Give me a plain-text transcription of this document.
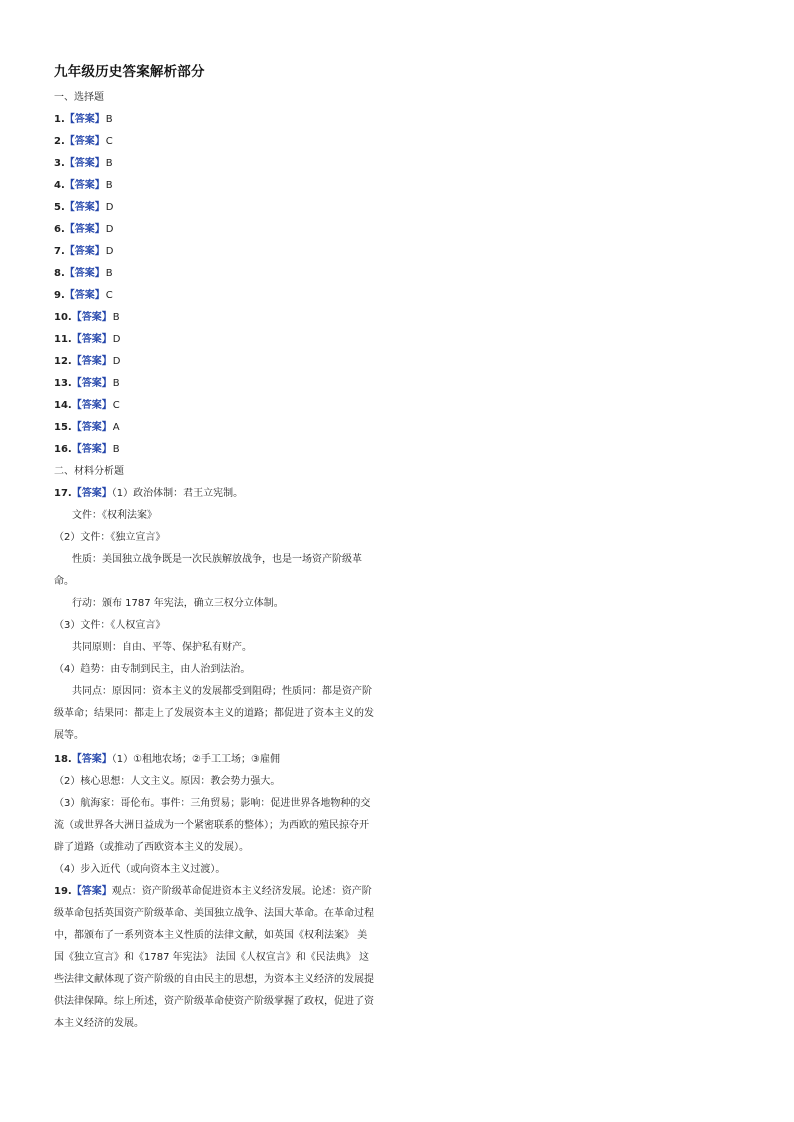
九年级历史答案解析部分
一、选择题
1.【答案】B
2.【答案】C
3.【答案】B
4.【答案】B
5.【答案】D
6.【答案】D
7.【答案】D
8.【答案】B
9.【答案】C
10.【答案】B
11.【答案】D
12.【答案】D
13.【答案】B
14.【答案】C
15.【答案】A
16.【答案】B
二、材料分析题
17.【答案】（1）政治体制：君王立宪制。
文件：《权利法案》
（2）文件：《独立宣言》
性质：美国独立战争既是一次民族解放战争，也是一场资产阶级革
命。
行动：颁布 1787 年宪法，确立三权分立体制。
（3）文件：《人权宣言》
共同原则：自由、平等、保护私有财产。
（4）趋势：由专制到民主，由人治到法治。
共同点：原因同：资本主义的发展都受到阻碍；性质同：都是资产阶
级革命；结果同：都走上了发展资本主义的道路；都促进了资本主义的发
展等。
18.【答案】（1）①租地农场；②手工工场；③雇佣
（2）核心思想：人文主义。原因：教会势力强大。
（3）航海家：哥伦布。事件：三角贸易；影响：促进世界各地物种的交
流（或世界各大洲日益成为一个紧密联系的整体）；为西欧的殖民掠夺开
辟了道路（或推动了西欧资本主义的发展）。
（4）步入近代（或向资本主义过渡）。
19.【答案】观点：资产阶级革命促进资本主义经济发展。论述：资产阶
级革命包括英国资产阶级革命、美国独立战争、法国大革命。在革命过程
中，都颁布了一系列资本主义性质的法律文献，如英国《权利法案》 美
国《独立宣言》和《1787 年宪法》 法国《人权宣言》和《民法典》 这
些法律文献体现了资产阶级的自由民主的思想，为资本主义经济的发展提
供法律保障。综上所述，资产阶级革命使资产阶级掌握了政权，促进了资
本主义经济的发展。
